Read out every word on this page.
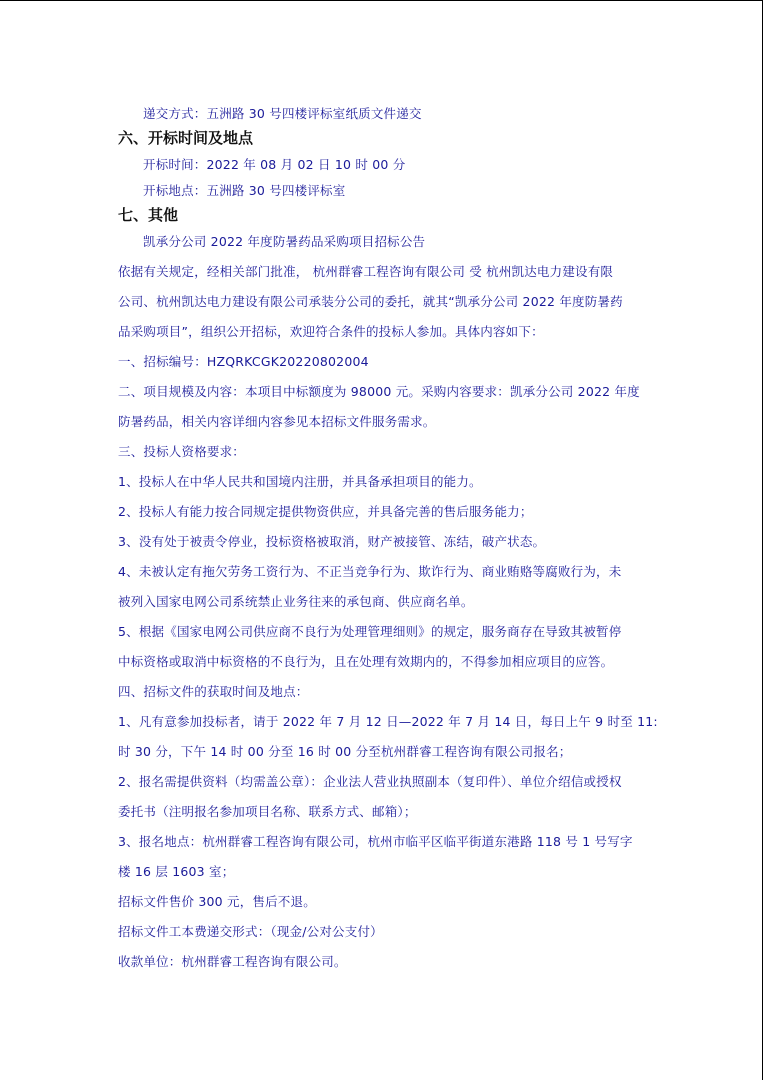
递交方式：五洲路 30 号四楼评标室纸质文件递交
六、开标时间及地点
开标时间：2022 年 08 月 02 日 10 时 00 分
开标地点：五洲路 30 号四楼评标室
七、其他
凯承分公司 2022 年度防暑药品采购项目招标公告
依据有关规定，经相关部门批准， 杭州群睿工程咨询有限公司 受 杭州凯达电力建设有限
公司、杭州凯达电力建设有限公司承装分公司的委托，就其“凯承分公司 2022 年度防暑药
品采购项目”，组织公开招标，欢迎符合条件的投标人参加。具体内容如下：
一、招标编号：HZQRKCGK20220802004
二、项目规模及内容：本项目中标额度为 98000 元。采购内容要求：凯承分公司 2022 年度
防暑药品，相关内容详细内容参见本招标文件服务需求。
三、投标人资格要求：
1、投标人在中华人民共和国境内注册，并具备承担项目的能力。
2、投标人有能力按合同规定提供物资供应，并具备完善的售后服务能力；
3、没有处于被责令停业，投标资格被取消，财产被接管、冻结，破产状态。
4、未被认定有拖欠劳务工资行为、不正当竞争行为、欺诈行为、商业贿赂等腐败行为，未
被列入国家电网公司系统禁止业务往来的承包商、供应商名单。
5、根据《国家电网公司供应商不良行为处理管理细则》的规定，服务商存在导致其被暂停
中标资格或取消中标资格的不良行为，且在处理有效期内的，不得参加相应项目的应答。
四、招标文件的获取时间及地点：
1、凡有意参加投标者，请于 2022 年 7 月 12 日—2022 年 7 月 14 日，每日上午 9 时至 11:
时 30 分，下午 14 时 00 分至 16 时 00 分至杭州群睿工程咨询有限公司报名；
2、报名需提供资料（均需盖公章）：企业法人营业执照副本（复印件）、单位介绍信或授权
委托书（注明报名参加项目名称、联系方式、邮箱）；
3、报名地点：杭州群睿工程咨询有限公司，杭州市临平区临平街道东港路 118 号 1 号写字
楼 16 层 1603 室；
招标文件售价 300 元，售后不退。
招标文件工本费递交形式：（现金/公对公支付）
收款单位：杭州群睿工程咨询有限公司。
